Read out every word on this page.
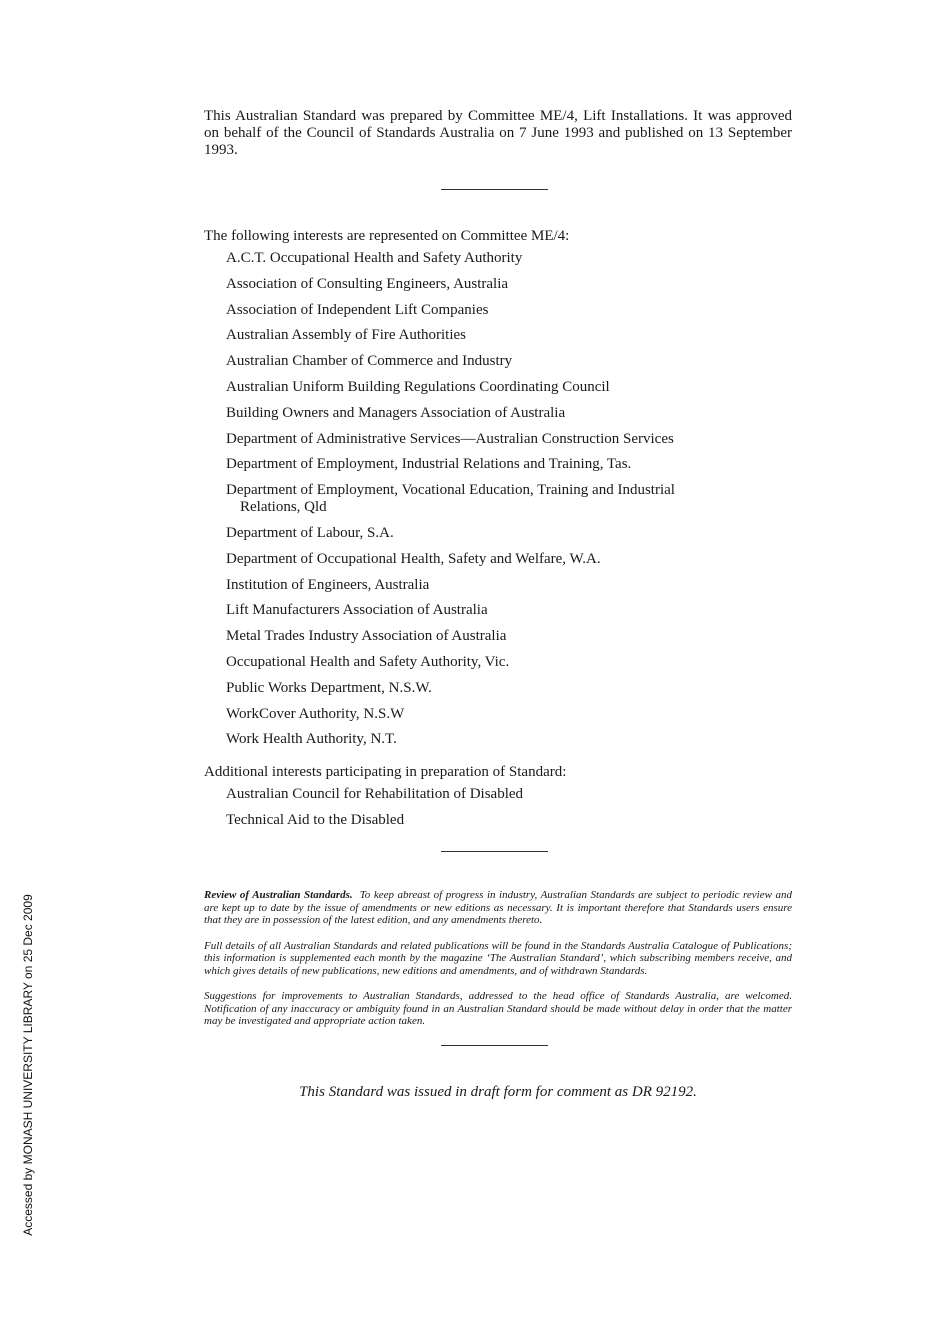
This Australian Standard was prepared by Committee ME/4, Lift Installations. It was approved on behalf of the Council of Standards Australia on 7 June 1993 and published on 13 September 1993.

The following interests are represented on Committee ME/4:

A.C.T. Occupational Health and Safety Authority
Association of Consulting Engineers, Australia
Association of Independent Lift Companies
Australian Assembly of Fire Authorities
Australian Chamber of Commerce and Industry
Australian Uniform Building Regulations Coordinating Council
Building Owners and Managers Association of Australia
Department of Administrative Services—Australian Construction Services
Department of Employment, Industrial Relations and Training, Tas.
Department of Employment, Vocational Education, Training and Industrial Relations, Qld
Department of Labour, S.A.
Department of Occupational Health, Safety and Welfare, W.A.
Institution of Engineers, Australia
Lift Manufacturers Association of Australia
Metal Trades Industry Association of Australia
Occupational Health and Safety Authority, Vic.
Public Works Department, N.S.W.
WorkCover Authority, N.S.W
Work Health Authority, N.T.

Additional interests participating in preparation of Standard:

Australian Council for Rehabilitation of Disabled
Technical Aid to the Disabled

Review of Australian Standards. To keep abreast of progress in industry, Australian Standards are subject to periodic review and are kept up to date by the issue of amendments or new editions as necessary. It is important therefore that Standards users ensure that they are in possession of the latest edition, and any amendments thereto.

Full details of all Australian Standards and related publications will be found in the Standards Australia Catalogue of Publications; this information is supplemented each month by the magazine ‘The Australian Standard’, which subscribing members receive, and which gives details of new publications, new editions and amendments, and of withdrawn Standards.

Suggestions for improvements to Australian Standards, addressed to the head office of Standards Australia, are welcomed. Notification of any inaccuracy or ambiguity found in an Australian Standard should be made without delay in order that the matter may be investigated and appropriate action taken.

This Standard was issued in draft form for comment as DR 92192.
Accessed by MONASH UNIVERSITY LIBRARY on 25 Dec 2009
